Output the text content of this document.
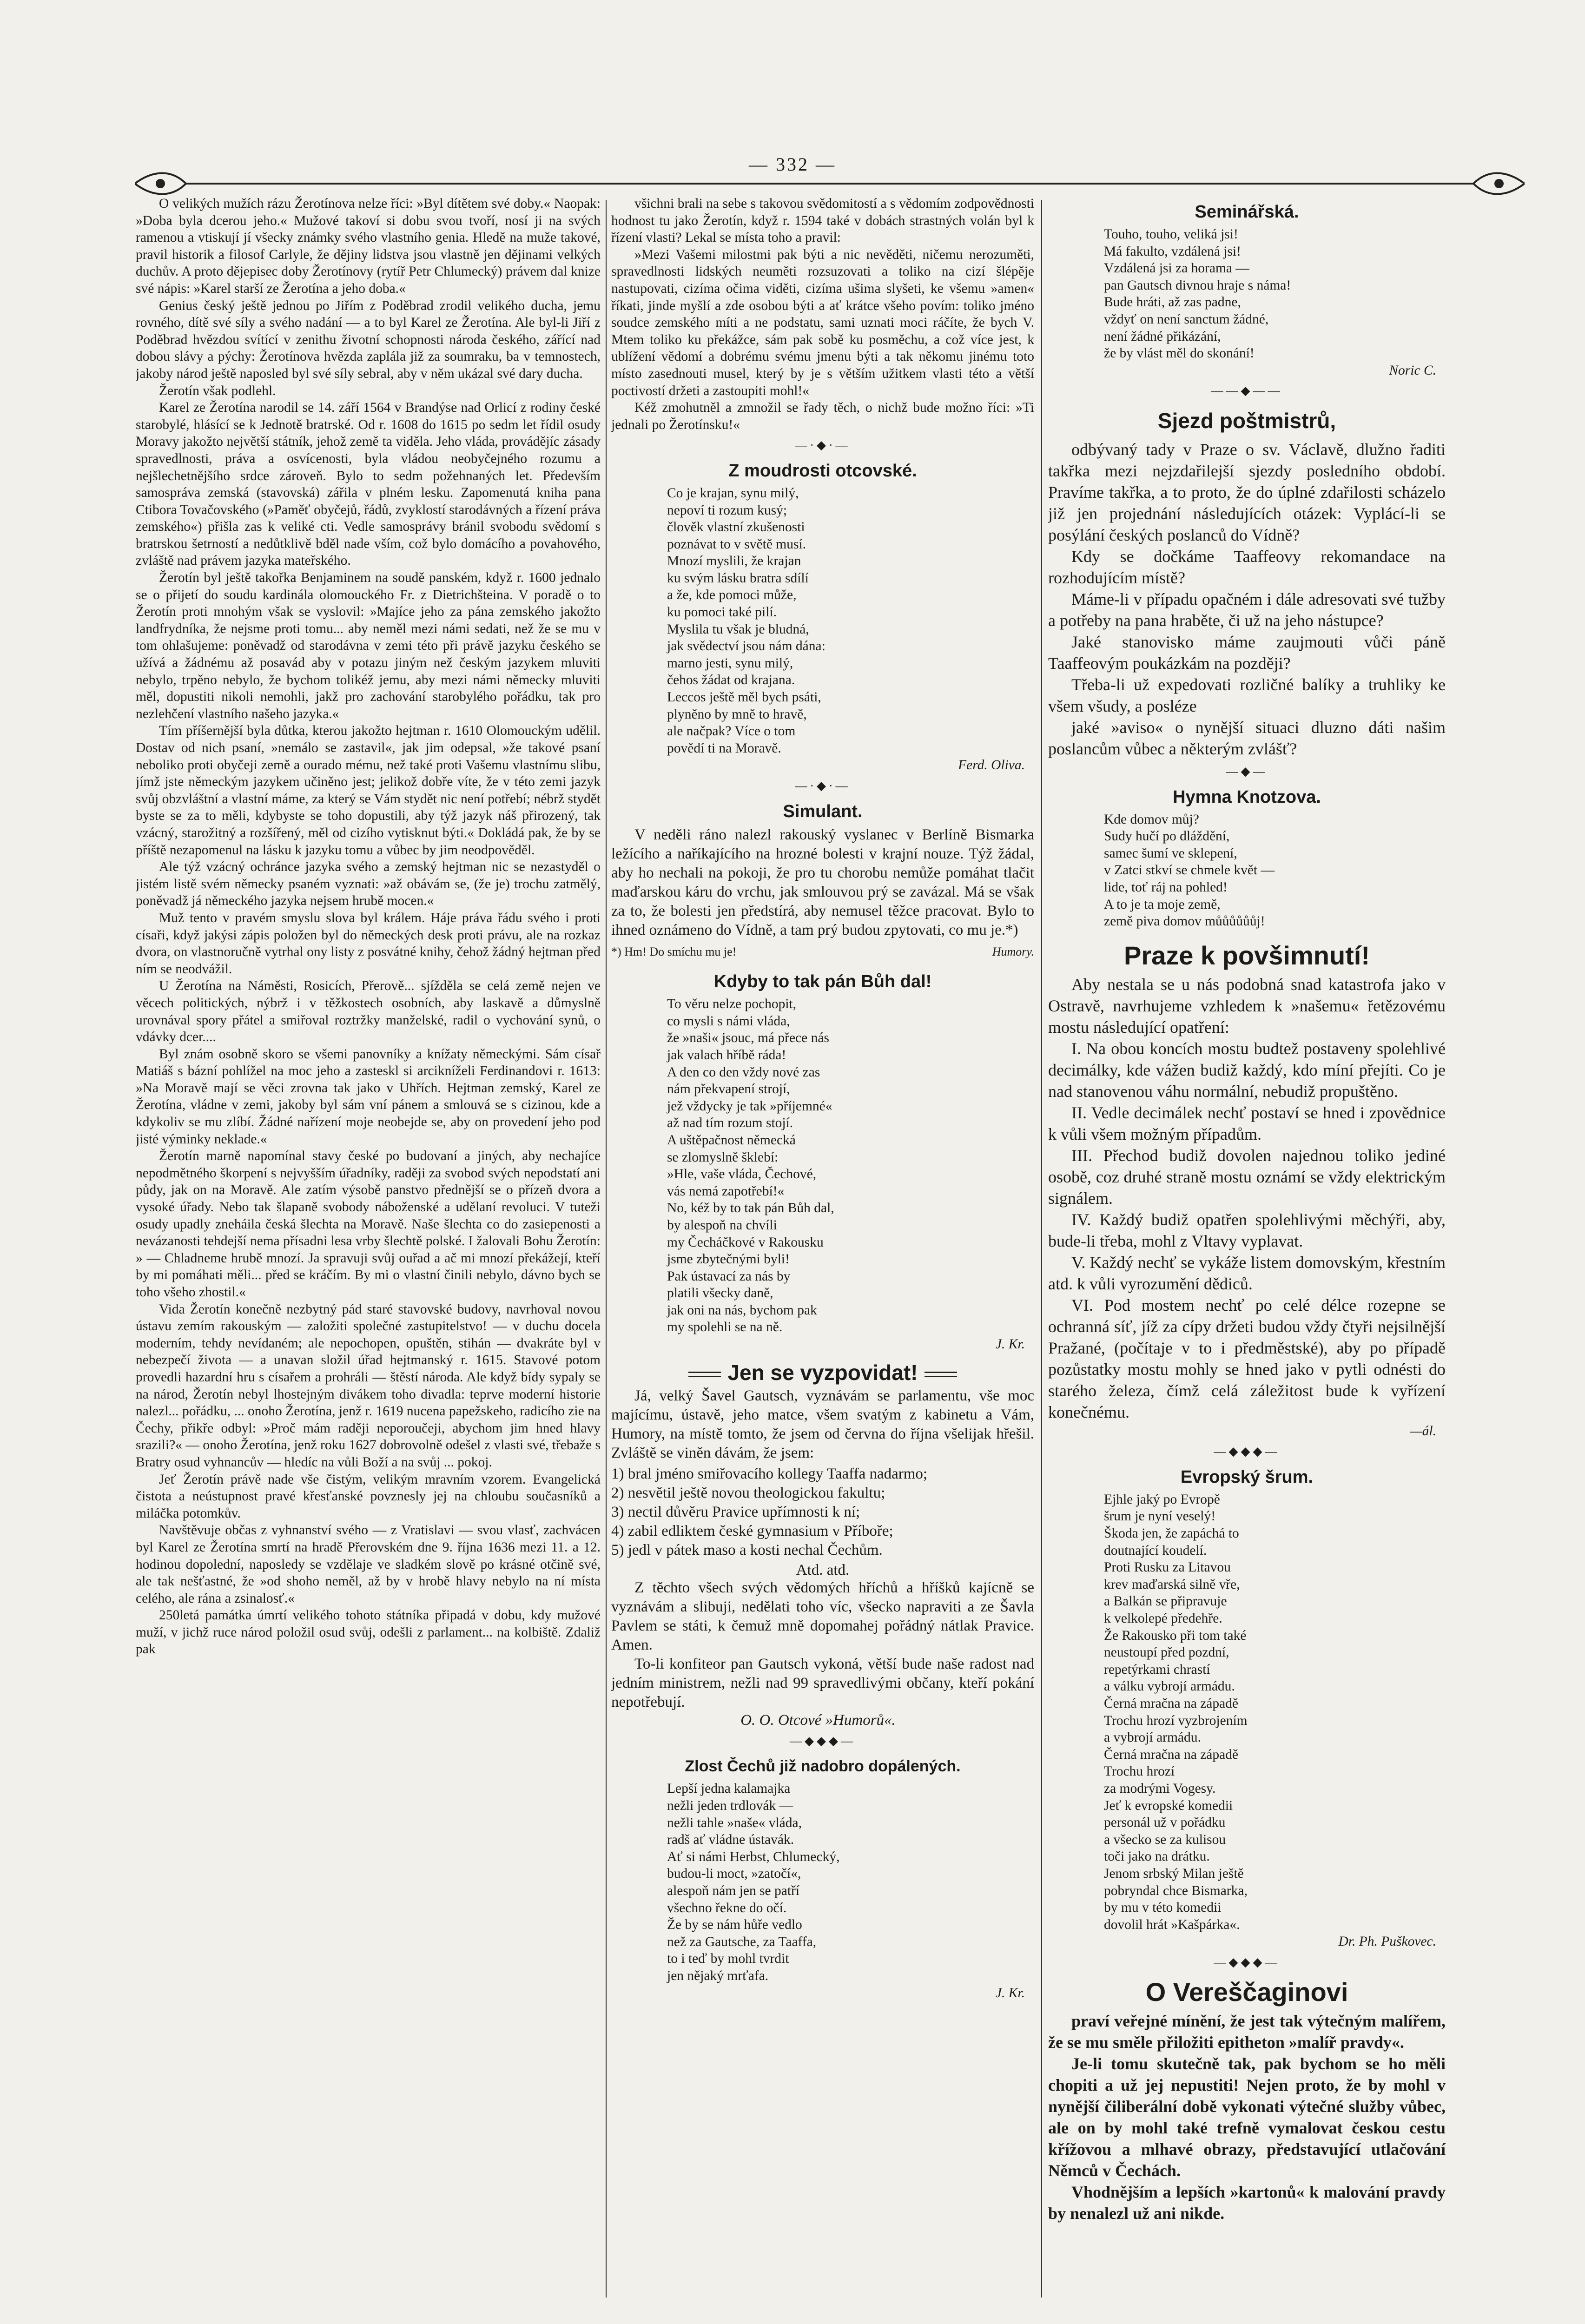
— 332 —

O velikých mužích rázu Žerotínova nelze říci: »Byl dítětem své doby.« Naopak: »Doba byla dcerou jeho.« Mužové takoví si dobu svou tvoří, nosí ji na svých ramenou a vtiskují jí všecky známky svého vlastního genia. Hledě na muže takové, pravil historik a filosof Carlyle, že dějiny lidstva jsou vlastně jen dějinami velkých duchův. A proto dějepisec doby Žerotínovy (rytíř Petr Chlumecký) právem dal knize své nápis: »Karel starší ze Žerotína a jeho doba.«

Genius český ještě jednou po Jiřím z Poděbrad zrodil velikého ducha, jemu rovného, dítě své síly a svého nadání — a to byl Karel ze Žerotína. Ale byl-li Jiří z Poděbrad hvězdou svítící v zenithu životní schopnosti národa českého, zářící nad dobou slávy a pýchy: Žerotínova hvězda zaplála již za soumraku, ba v temnostech, jakoby národ ještě naposled byl své síly sebral, aby v něm ukázal své dary ducha.

Žerotín však podlehl.

Karel ze Žerotína narodil se 14. září 1564 v Brandýse nad Orlicí z rodiny české starobylé, hlásící se k Jednotě bratrské. Od r. 1608 do 1615 po sedm let řídil osudy Moravy jakožto největší státník, jehož země ta viděla. Jeho vláda, provádějíc zásady spravedlnosti, práva a osvícenosti, byla vládou neobyčejného rozumu a nejšlechetnějšího srdce zároveň. Bylo to sedm požehnaných let. Především samospráva zemská (stavovská) zářila v plném lesku. Zapomenutá kniha pana Ctibora Tovačovského (»Paměť obyčejů, řádů, zvyklostí starodávných a řízení práva zemského«) přišla zas k veliké cti. Vedle samosprávy bránil svobodu svědomí s bratrskou šetrností a nedůtklivě bděl nade vším, což bylo domácího a povahového, zvláště nad právem jazyka mateřského.

Žerotín byl ještě takořka Benjaminem na soudě panském, když r. 1600 jednalo se o přijetí do soudu kardinála olomouckého Fr. z Dietrichšteina. V poradě o to Žerotín proti mnohým však se vyslovil: »Majíce jeho za pána zemského jakožto landfrydníka, že nejsme proti tomu... aby neměl mezi námi sedati, než že se mu v tom ohlašujeme: poněvadž od starodávna v zemi této při právě jazyku českého se užívá a žádnému až posavád aby v potazu jiným než českým jazykem mluviti nebylo, trpěno nebylo, že bychom tolikéž jemu, aby mezi námi německy mluviti měl, dopustiti nikoli nemohli, jakž pro zachování starobylého pořádku, tak pro nezlehčení vlastního našeho jazyka.«

Tím příšernější byla důtka, kterou jakožto hejtman r. 1610 Olomouckým udělil. Dostav od nich psaní, »nemálo se zastavil«, jak jim odepsal, »že takové psaní neboliko proti obyčeji země a ourado mému, než také proti Vašemu vlastnímu slibu, jímž jste německým jazykem učiněno jest; jelikož dobře víte, že v této zemi jazyk svůj obzvláštní a vlastní máme, za který se Vám stydět nic není potřebí; nébrž stydět byste se za to měli, kdybyste se toho dopustili, aby týž jazyk náš přirozený, tak vzácný, starožitný a rozšířený, měl od cizího vytisknut býti.« Dokládá pak, že by se příště nezapomenul na lásku k jazyku tomu a vůbec by jim neodpověděl.

Ale týž vzácný ochránce jazyka svého a zemský hejtman nic se nezastyděl o jistém listě svém německy psaném vyznati: »až obávám se, (že je) trochu zatmělý, poněvadž já německého jazyka nejsem hrubě mocen.«

Muž tento v pravém smyslu slova byl králem. Háje práva řádu svého i proti císaři, když jakýsi zápis položen byl do německých desk proti právu, ale na rozkaz dvora, on vlastnoručně vytrhal ony listy z posvátné knihy, čehož žádný hejtman před ním se neodvážil.

U Žerotína na Náměsti, Rosicích, Přerově... sjížděla se celá země nejen ve věcech politických, nýbrž i v těžkostech osobních, aby laskavě a důmyslně urovnával spory přátel a smiřoval roztržky manželské, radil o vychování synů, o vdávky dcer....

Byl znám osobně skoro se všemi panovníky a knížaty německými. Sám císař Matiáš s bázní pohlížel na moc jeho a zasteskl si arcikníželi Ferdinandovi r. 1613: »Na Moravě mají se věci zrovna tak jako v Uhřích. Hejtman zemský, Karel ze Žerotína, vládne v zemi, jakoby byl sám vní pánem a smlouvá se s cizinou, kde a kdykoliv se mu zlíbí. Žádné nařízení moje neobejde se, aby on provedení jeho pod jisté výminky neklade.«

Žerotín marně napomínal stavy české po budovaní a jiných, aby nechajíce nepodmětného škorpení s nejvyšším úřadníky, raději za svobod svých nepodstatí ani půdy, jak on na Moravě. Ale zatím výsobě panstvo přednější se o přízeň dvora a vysoké úřady. Nebo tak šlapaně svobody náboženské a udělaní revoluci. V tuteži osudy upadly zneháila česká šlechta na Moravě. Naše šlechta co do zasiepenosti a nevázanosti tehdejší nema přísadni lesa vrby šlechtě polské. I žalovali Bohu Žerotín: » — Chladneme hrubě mnozí. Ja spravuji svůj ouřad a ač mi mnozí překážejí, kteří by mi pomáhati měli... před se kráčím. By mi o vlastní činili nebylo, dávno bych se toho všeho zhostil.«

Vida Žerotín konečně nezbytný pád staré stavovské budovy, navrhoval novou ústavu zemím rakouským — založiti společné zastupitelstvo! — v duchu docela moderním, tehdy nevídaném; ale nepochopen, opuštěn, stihán — dvakráte byl v nebezpečí života — a unavan složil úřad hejtmanský r. 1615. Stavové potom provedli hazardní hru s císařem a prohráli — štěstí národa. Ale když bídy sypaly se na národ, Žerotín nebyl lhostejným divákem toho divadla: teprve moderní historie nalezl... pořádku, ... onoho Žerotína, jenž r. 1619 nucena papežskeho, radicího zie na Čechy, přikře odbyl: »Proč mám raději neporoučeji, abychom jim hned hlavy srazili?« — onoho Žerotína, jenž roku 1627 dobrovolně odešel z vlasti své, třebaže s Bratry osud vyhnancův — hledíc na vůli Boží a na svůj ... pokoj.

Jeť Žerotín právě nade vše čistým, velikým mravním vzorem. Evangelická čistota a neústupnost pravé křesťanské povznesly jej na chloubu současníků a miláčka potomkův.

Navštěvuje občas z vyhnanství svého — z Vratislavi — svou vlasť, zachvácen byl Karel ze Žerotína smrtí na hradě Přerovském dne 9. října 1636 mezi 11. a 12. hodinou dopolední, naposledy se vzdělaje ve sladkém slově po krásné otčině své, ale tak nešťastné, že »od shoho neměl, až by v hrobě hlavy nebylo na ní místa celého, ale rána a zsinalosť.«

250letá památka úmrtí velikého tohoto státníka připadá v dobu, kdy mužové muží, v jichž ruce národ položil osud svůj, odešli z parlament... na kolbiště. Zdaliž pak

všichni brali na sebe s takovou svědomitostí a s vědomím zodpovědnosti hodnost tu jako Žerotín, když r. 1594 také v dobách strastných volán byl k řízení vlasti? Lekal se místa toho a pravil:

»Mezi Vašemi milostmi pak býti a nic nevěděti, ničemu nerozuměti, spravedlnosti lidských neuměti rozsuzovati a toliko na cizí šlépěje nastupovati, cizíma očima viděti, cizíma ušima slyšeti, ke všemu »amen« říkati, jinde myšlí a zde osobou býti a ať krátce všeho povím: toliko jméno soudce zemského míti a ne podstatu, sami uznati moci ráčíte, že bych V. Mtem toliko ku překážce, sám pak sobě ku posměchu, a což více jest, k ublížení vědomí a dobrému svému jmenu býti a tak někomu jinému toto místo zasednouti musel, který by je s větším užitkem vlasti této a větší poctivostí držeti a zastoupiti mohl!«

Kéž zmohutněl a zmnožil se řady těch, o nichž bude možno říci: »Ti jednali po Žerotínsku!«

—·◆·—
Z moudrosti otcovské.
Co je krajan, synu milý,
nepoví ti rozum kusý;
člověk vlastní zkušenosti
poznávat to v světě musí.
Mnozí myslili, že krajan
ku svým lásku bratra sdílí
a že, kde pomoci může,
ku pomoci také pilí.
Myslila tu však je bludná,
jak svědectví jsou nám dána:
marno jesti, synu milý,
čehos žádat od krajana.
Leccos ještě měl bych psáti,
plyněno by mně to hravě,
ale načpak? Více o tom
povědí ti na Moravě.
Ferd. Oliva.
—·◆·—
Simulant.

V neděli ráno nalezl rakouský vyslanec v Berlíně Bismarka ležícího a naříkajícího na hrozné bolesti v krajní nouze. Týž žádal, aby ho nechali na pokoji, že pro tu chorobu nemůže pomáhat tlačit maďarskou káru do vrchu, jak smlouvou prý se zavázal. Má se však za to, že bolesti jen předstírá, aby nemusel těžce pracovat. Bylo to ihned oznámeno do Vídně, a tam prý budou zpytovati, co mu je.*)

*) Hm! Do smíchu mu je!	Humory.

Kdyby to tak pán Bůh dal!
To věru nelze pochopit,
co mysli s námi vláda,
že »naši« jsouc, má přece nás
jak valach hříbě ráda!
A den co den vždy nové zas
nám překvapení strojí,
jež vždycky je tak »příjemné«
až nad tím rozum stojí.
A uštěpačnost německá
se zlomyslně šklebí:
»Hle, vaše vláda, Čechové,
vás nemá zapotřebí!«
No, kéž by to tak pán Bůh dal,
by alespoň na chvíli
my Čecháčkové v Rakousku
jsme zbytečnými byli!
Pak ústavací za nás by
platili všecky daně,
jak oni na nás, bychom pak
my spolehli se na ně.
J. Kr.
Jen se vyzpovidat!

Já, velký Šavel Gautsch, vyznávám se parlamentu, vše moc majícímu, ústavě, jeho matce, všem svatým z kabinetu a Vám, Humory, na místě tomto, že jsem od června do října všelijak hřešil. Zvláště se viněn dávám, že jsem:

1) bral jméno smiřovacího kollegy Taaffa nadarmo;
2) nesvětil ještě novou theologickou fakultu;
3) nectil důvěru Pravice upřímnosti k ní;
4) zabil edliktem české gymnasium v Příboře;
5) jedl v pátek maso a kosti nechal Čechům.
Atd. atd.

Z těchto všech svých vědomých hříchů a hříšků kajícně se vyznávám a slibuji, nedělati toho víc, všecko napraviti a ze Šavla Pavlem se státi, k čemuž mně dopomahej pořádný nátlak Pravice. Amen.

To-li konfiteor pan Gautsch vykoná, větší bude naše radost nad jedním ministrem, nežli nad 99 spravedlivými občany, kteří pokání nepotřebují.

O. O. Otcové »Humorů«.
—◆◆◆—
Zlost Čechů již nadobro dopálených.
Lepší jedna kalamajka
nežli jeden trdlovák —
nežli tahle »naše« vláda,
radš ať vládne ústavák.
Ať si námi Herbst, Chlumecký,
budou-li moct, »zatočí«,
alespoň nám jen se patří
všechno řekne do očí.
Že by se nám hůře vedlo
než za Gautsche, za Taaffa,
to i teď by mohl tvrdit
jen nějaký mrťafa.
J. Kr.
Seminářská.
Touho, touho, veliká jsi!
Má fakulto, vzdálená jsi!
Vzdálená jsi za horama —
pan Gautsch divnou hraje s náma!
Bude hráti, až zas padne,
vždyť on není sanctum žádné,
není žádné přikázání,
že by vlást měl do skonání!
Noric C.
——◆——
Sjezd poštmistrů,

odbývaný tady v Praze o sv. Václavě, dlužno řaditi takřka mezi nejzdařilejší sjezdy posledního období. Pravíme takřka, a to proto, že do úplné zdařilosti scházelo již jen projednání následujících otázek: Vyplácí-li se posýlání českých poslanců do Vídně?

Kdy se dočkáme Taaffeovy rekomandace na rozhodujícím místě?

Máme-li v případu opačném i dále adresovati své tužby a potřeby na pana hraběte, či už na jeho nástupce?

Jaké stanovisko máme zaujmouti vůči páně Taaffeovým poukázkám na později?

Třeba-li už expedovati rozličné balíky a truhliky ke všem všudy, a posléze

jaké »aviso« o nynější situaci dluzno dáti našim poslancům vůbec a některým zvlášť?

—◆—
Hymna Knotzova.
Kde domov můj?
Sudy hučí po dláždění,
samec šumí ve sklepení,
v Zatci stkví se chmele květ —
lide, toť ráj na pohled!
A to je ta moje země,
země piva domov můůůůůůj!
Praze k povšimnutí!

Aby nestala se u nás podobná snad katastrofa jako v Ostravě, navrhujeme vzhledem k »našemu« řetězovému mostu následující opatření:

I. Na obou koncích mostu budtež postaveny spolehlivé decimálky, kde vážen budiž každý, kdo míní přejíti. Co je nad stanovenou váhu normální, nebudiž propuštěno.

II. Vedle decimálek nechť postaví se hned i zpovědnice k vůli všem možným případům.

III. Přechod budiž dovolen najednou toliko jediné osobě, coz druhé straně mostu oznámí se vždy elektrickým signálem.

IV. Každý budiž opatřen spolehlivými měchýři, aby, bude-li třeba, mohl z Vltavy vyplavat.

V. Každý nechť se vykáže listem domovským, křestním atd. k vůli vyrozumění dědiců.

VI. Pod mostem nechť po celé délce rozepne se ochranná síť, jíž za cípy držeti budou vždy čtyři nejsilnější Pražané, (počítaje v to i předměstské), aby po případě pozůstatky mostu mohly se hned jako v pytli odnésti do starého železa, čímž celá záležitost bude k vyřízení konečnému.

—ál.
—◆◆◆—
Evropský šrum.
Ejhle jaký po Evropě
šrum je nyní veselý!
Škoda jen, že zapáchá to
doutnající koudelí.
Proti Rusku za Litavou
krev maďarská silně vře,
a Balkán se připravuje
k velkolepé předehře.
Že Rakousko při tom také
neustoupí před pozdní,
repetýrkami chrastí
a válku vybrojí armádu.
Černá mračna na západě
Trochu hrozí vyzbrojením
a vybrojí armádu.
Černá mračna na západě
Trochu hrozí
za modrými Vogesy.
Jeť k evropské komedii
personál už v pořádku
a všecko se za kulisou
toči jako na drátku.
Jenom srbský Milan ještě
pobryndal chce Bismarka,
by mu v této komedii
dovolil hrát »Kašpárka«.
Dr. Ph. Puškovec.
—◆◆◆—
O Vereščaginovi

praví veřejné mínění, že jest tak výtečným malířem, že se mu směle přiložiti epitheton »malíř pravdy«.

Je-li tomu skutečně tak, pak bychom se ho měli chopiti a už jej nepustiti! Nejen proto, že by mohl v nynější čiliberální době vykonati výtečné služby vůbec, ale on by mohl také trefně vymalovat českou cestu křížovou a mlhavé obrazy, představující utlačování Němců v Čechách.

Vhodnějším a lepších »kartonů« k malování pravdy by nenalezl už ani nikde.
